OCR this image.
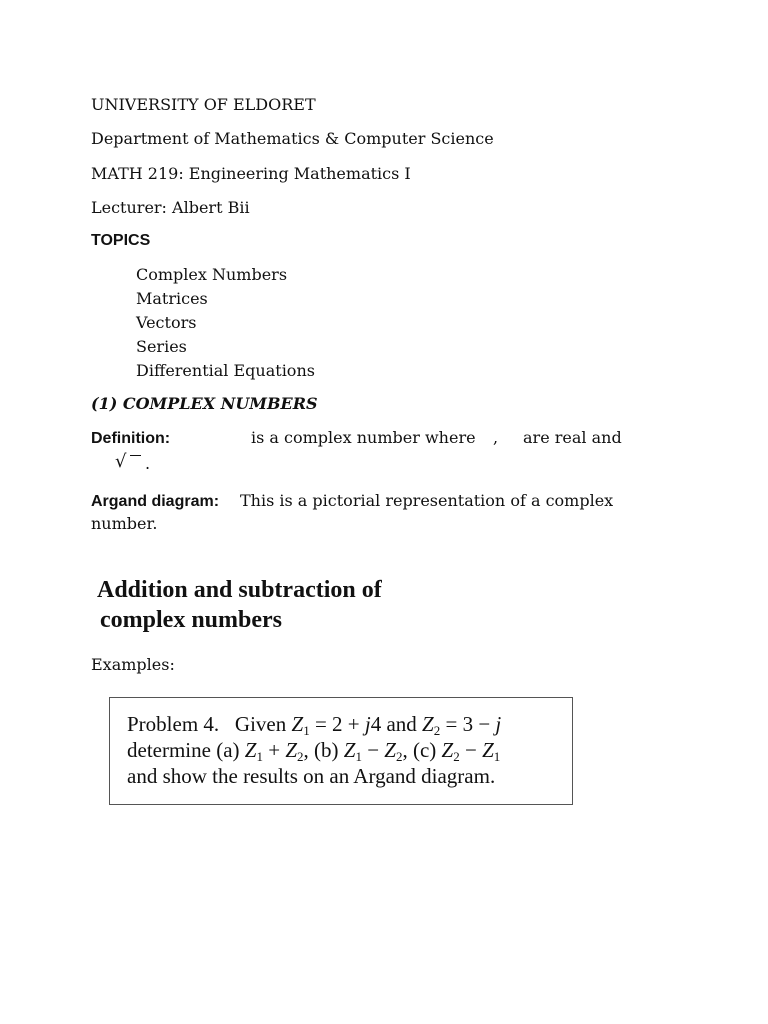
UNIVERSITY OF ELDORET
Department of Mathematics & Computer Science
MATH 219: Engineering Mathematics I
Lecturer: Albert Bii
TOPICS
Complex Numbers
Matrices
Vectors
Series
Differential Equations
(1) COMPLEX NUMBERS
Definition:	is a complex number where , are real and
√ .
Argand diagram: This is a pictorial representation of a complex
number.
Addition and subtraction of
complex numbers
Examples:
Problem 4. Given $Z_1 = 2 + j4$ and $Z_2 = 3 - j$
determine (a) $Z_1 + Z_2$, (b) $Z_1 - Z_2$, (c) $Z_2 - Z_1$
and show the results on an Argand diagram.
